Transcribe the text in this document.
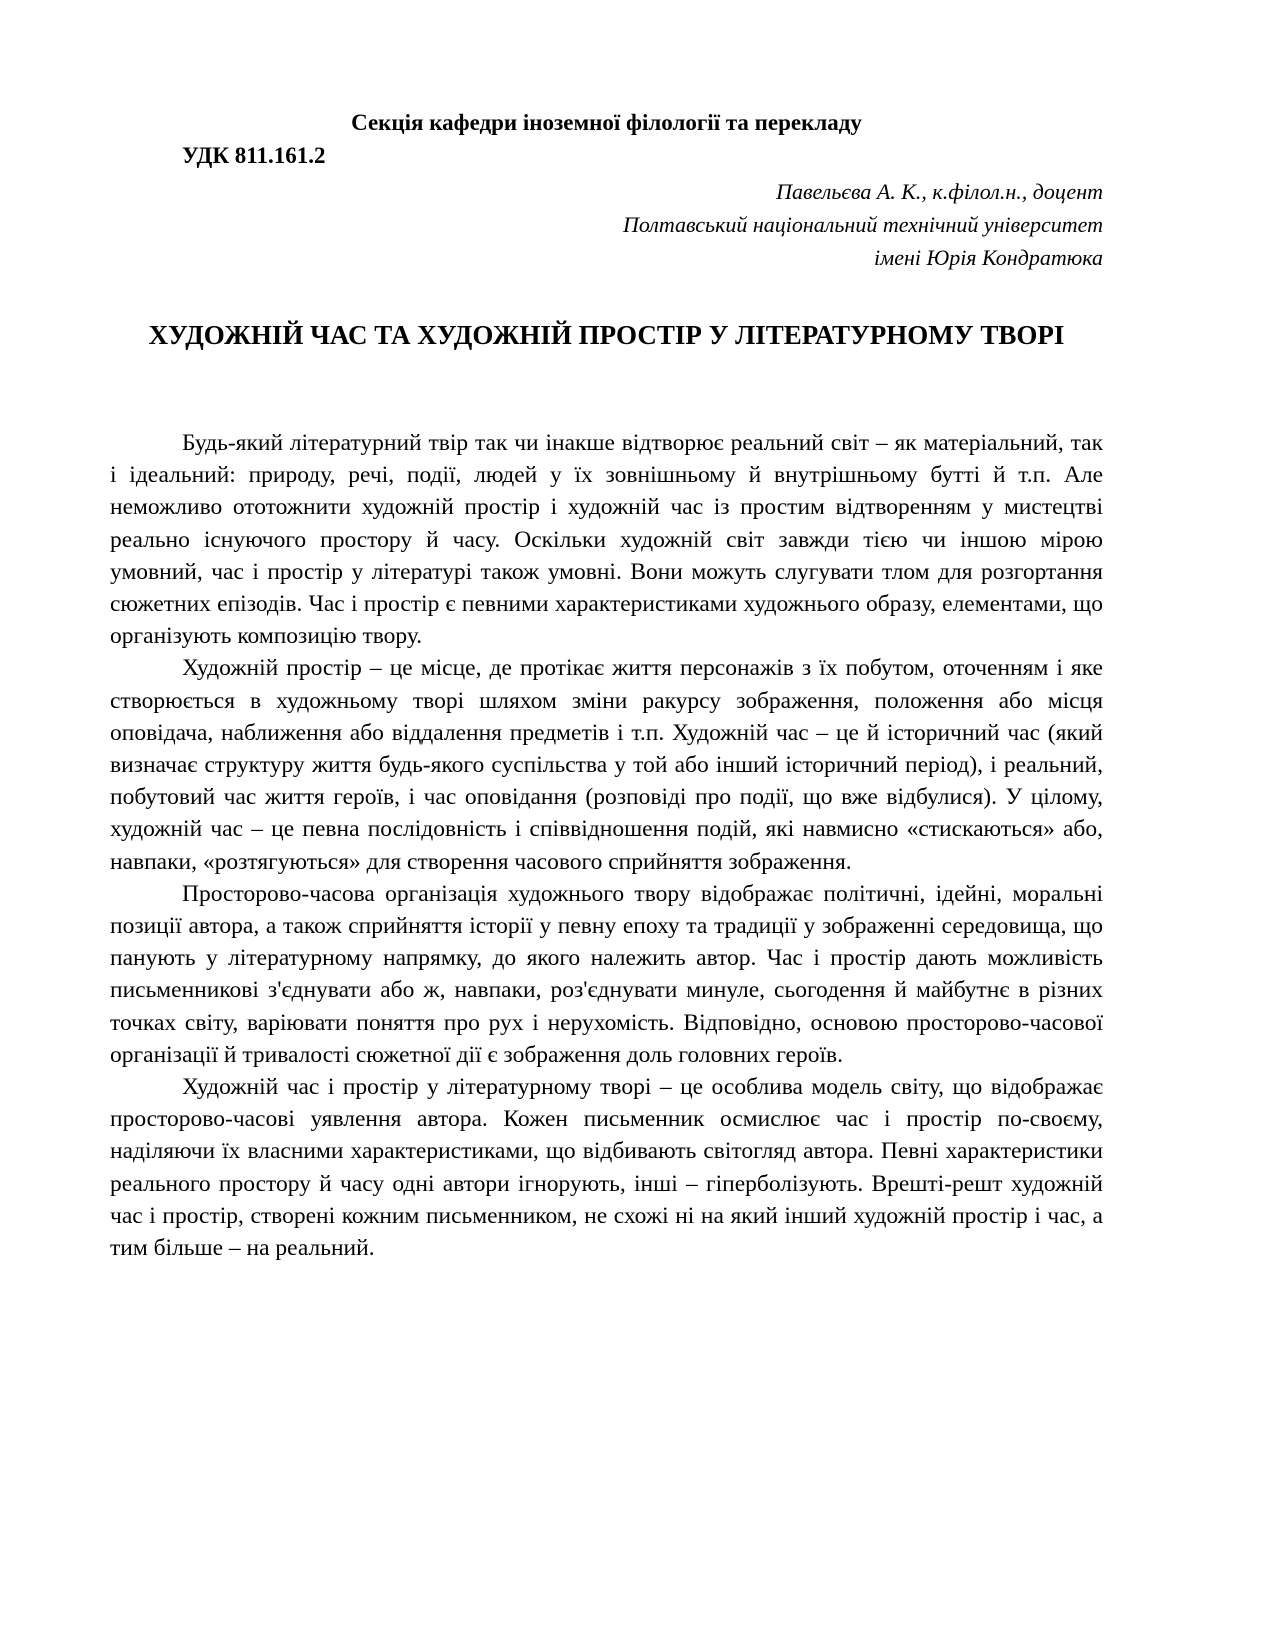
Секція кафедри іноземної філології та перекладу
УДК 811.161.2
Павельєва А. К., к.філол.н., доцент
Полтавський національний технічний університет
імені Юрія Кондратюка
ХУДОЖНІЙ ЧАС ТА ХУДОЖНІЙ ПРОСТІР У ЛІТЕРАТУРНОМУ ТВОРІ

Будь-який літературний твір так чи інакше відтворює реальний світ – як матеріальний, так і ідеальний: природу, речі, події, людей у їх зовнішньому й внутрішньому бутті й т.п. Але неможливо ототожнити художній простір і художній час із простим відтворенням у мистецтві реально існуючого простору й часу. Оскільки художній світ завжди тією чи іншою мірою умовний, час і простір у літературі також умовні. Вони можуть слугувати тлом для розгортання сюжетних епізодів. Час і простір є певними характеристиками художнього образу, елементами, що організують композицію твору.

Художній простір – це місце, де протікає життя персонажів з їх побутом, оточенням і яке створюється в художньому творі шляхом зміни ракурсу зображення, положення або місця оповідача, наближення або віддалення предметів і т.п. Художній час – це й історичний час (який визначає структуру життя будь-якого суспільства у той або інший історичний період), і реальний, побутовий час життя героїв, і час оповідання (розповіді про події, що вже відбулися). У цілому, художній час – це певна послідовність і співвідношення подій, які навмисно «стискаються» або, навпаки, «розтягуються» для створення часового сприйняття зображення.

Просторово-часова організація художнього твору відображає політичні, ідейні, моральні позиції автора, а також сприйняття історії у певну епоху та традиції у зображенні середовища, що панують у літературному напрямку, до якого належить автор. Час і простір дають можливість письменникові з'єднувати або ж, навпаки, роз'єднувати минуле, сьогодення й майбутнє в різних точках світу, варіювати поняття про рух і нерухомість. Відповідно, основою просторово-часової організації й тривалості сюжетної дії є зображення доль головних героїв.

Художній час і простір у літературному творі – це особлива модель світу, що відображає просторово-часові уявлення автора. Кожен письменник осмислює час і простір по-своєму, наділяючи їх власними характеристиками, що відбивають світогляд автора. Певні характеристики реального простору й часу одні автори ігнорують, інші – гіперболізують. Врешті-решт художній час і простір, створені кожним письменником, не схожі ні на який інший художній простір і час, а тим більше – на реальний.
